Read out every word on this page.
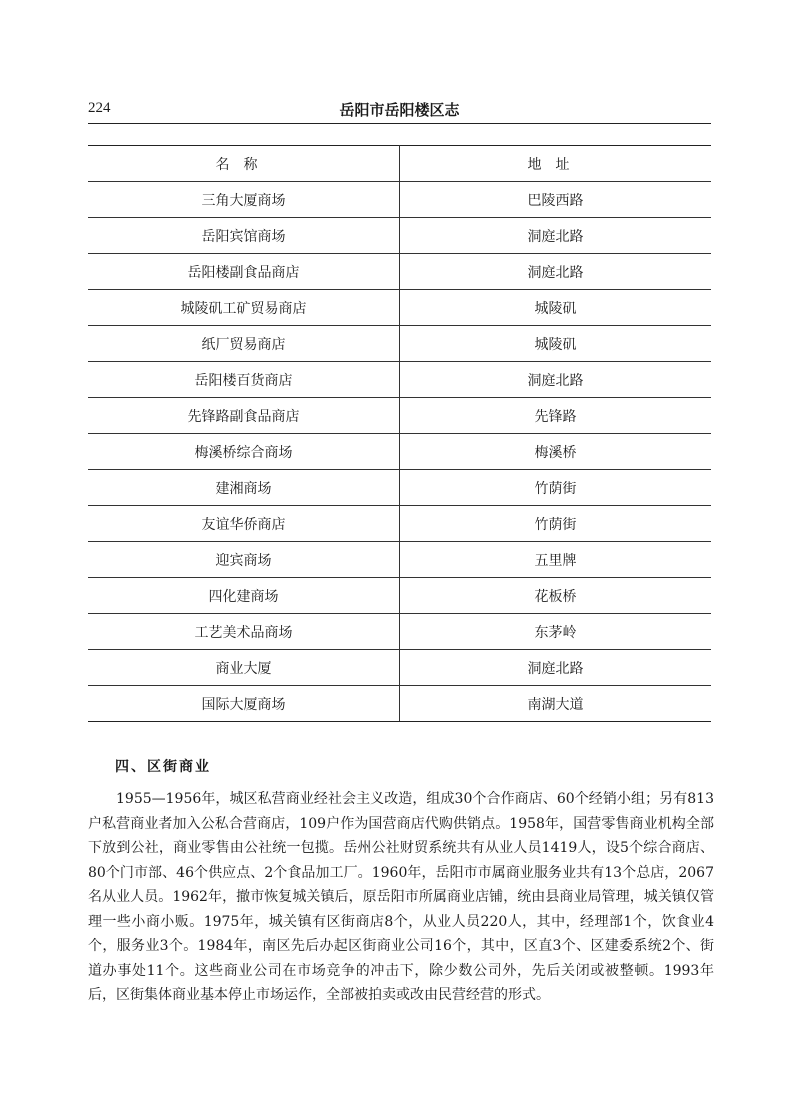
224	岳阳市岳阳楼区志
名称	地址
三角大厦商场	巴陵西路
岳阳宾馆商场	洞庭北路
岳阳楼副食品商店	洞庭北路
城陵矶工矿贸易商店	城陵矶
纸厂贸易商店	城陵矶
岳阳楼百货商店	洞庭北路
先锋路副食品商店	先锋路
梅溪桥综合商场	梅溪桥
建湘商场	竹荫街
友谊华侨商店	竹荫街
迎宾商场	五里牌
四化建商场	花板桥
工艺美术品商场	东茅岭
商业大厦	洞庭北路
国际大厦商场	南湖大道
四、区街商业

1955—1956年，城区私营商业经社会主义改造，组成30个合作商店、60个经销小组；另有813户私营商业者加入公私合营商店，109户作为国营商店代购供销点。1958年，国营零售商业机构全部下放到公社，商业零售由公社统一包揽。岳州公社财贸系统共有从业人员1419人，设5个综合商店、80个门市部、46个供应点、2个食品加工厂。1960年，岳阳市市属商业服务业共有13个总店，2067名从业人员。1962年，撤市恢复城关镇后，原岳阳市所属商业店铺，统由县商业局管理，城关镇仅管理一些小商小贩。1975年，城关镇有区街商店8个，从业人员220人，其中，经理部1个，饮食业4个，服务业3个。1984年，南区先后办起区街商业公司16个，其中，区直3个、区建委系统2个、街道办事处11个。这些商业公司在市场竞争的冲击下，除少数公司外，先后关闭或被整顿。1993年后，区街集体商业基本停止市场运作，全部被拍卖或改由民营经营的形式。
